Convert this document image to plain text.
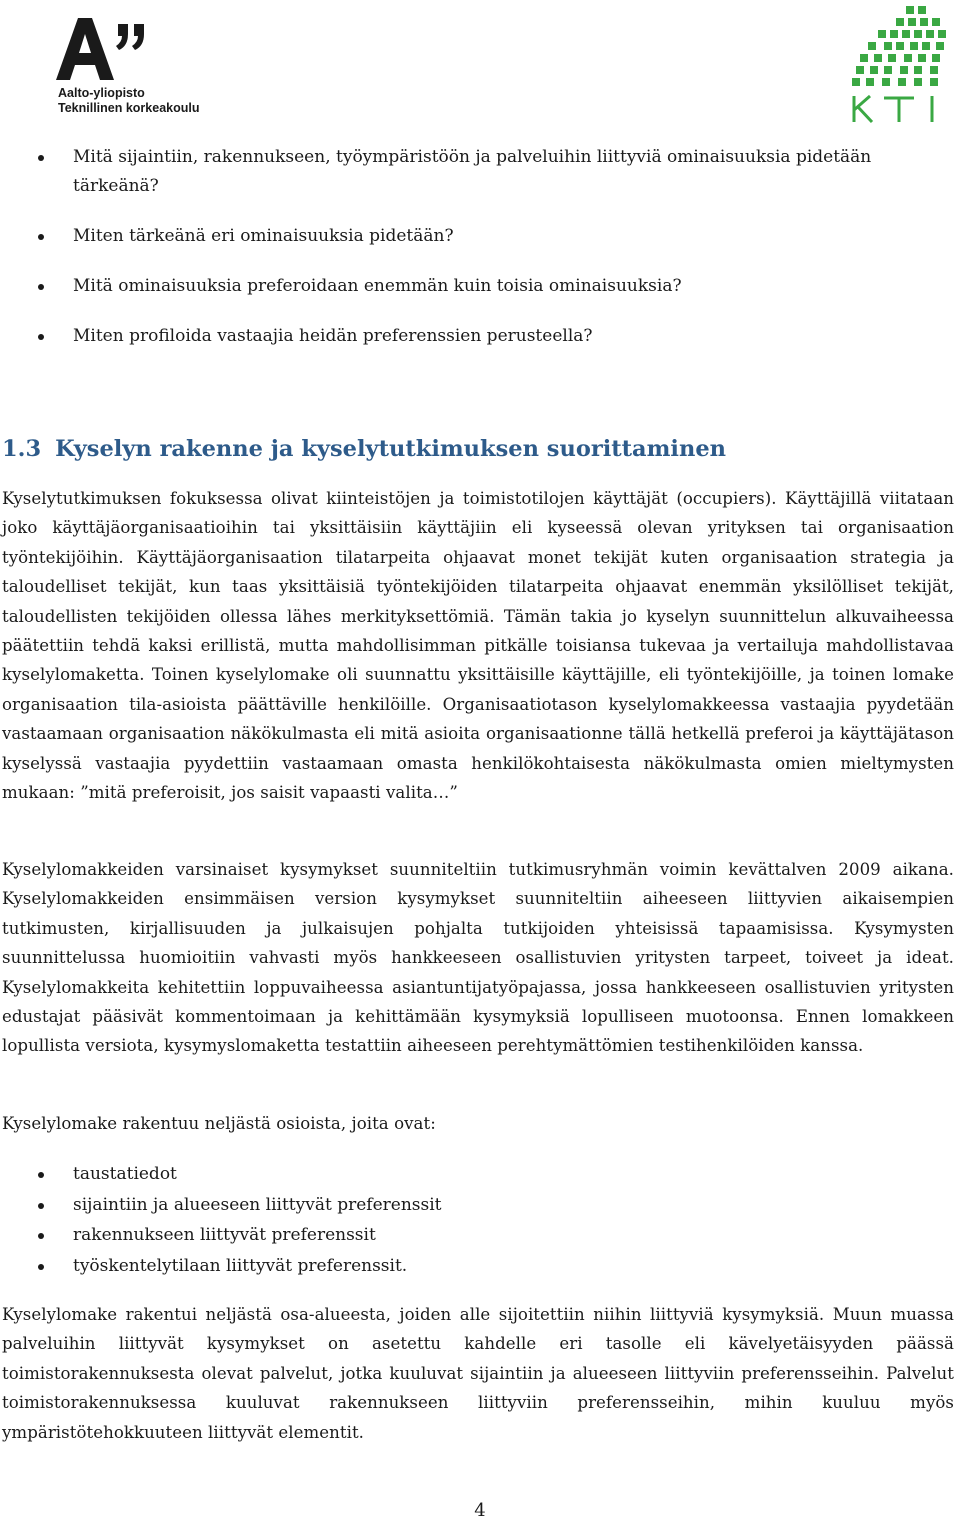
Aalto-yliopisto
Teknillinen korkeakoulu
Mitä sijaintiin, rakennukseen, työympäristöön ja palveluihin liittyviä ominaisuuksia pidetään tärkeänä?
Miten tärkeänä eri ominaisuuksia pidetään?
Mitä ominaisuuksia preferoidaan enemmän kuin toisia ominaisuuksia?
Miten profiloida vastaajia heidän preferenssien perusteella?
1.3 Kyselyn rakenne ja kyselytutkimuksen suorittaminen

Kyselytutkimuksen fokuksessa olivat kiinteistöjen ja toimistotilojen käyttäjät (occupiers). Käyttäjillä viitataan joko käyttäjäorganisaatioihin tai yksittäisiin käyttäjiin eli kyseessä olevan yrityksen tai organisaation työntekijöihin. Käyttäjäorganisaation tilatarpeita ohjaavat monet tekijät kuten organisaation strategia ja taloudelliset tekijät, kun taas yksittäisiä työntekijöiden tilatarpeita ohjaavat enemmän yksilölliset tekijät, taloudellisten tekijöiden ollessa lähes merkityksettömiä. Tämän takia jo kyselyn suunnittelun alkuvaiheessa päätettiin tehdä kaksi erillistä, mutta mahdollisimman pitkälle toisiansa tukevaa ja vertailuja mahdollistavaa kyselylomaketta. Toinen kyselylomake oli suunnattu yksittäisille käyttäjille, eli työntekijöille, ja toinen lomake organisaation tila-asioista päättäville henkilöille. Organisaatiotason kyselylomakkeessa vastaajia pyydetään vastaamaan organisaation näkökulmasta eli mitä asioita organisaationne tällä hetkellä preferoi ja käyttäjätason kyselyssä vastaajia pyydettiin vastaamaan omasta henkilökohtaisesta näkökulmasta omien mieltymysten mukaan: ”mitä preferoisit, jos saisit vapaasti valita…”

Kyselylomakkeiden varsinaiset kysymykset suunniteltiin tutkimusryhmän voimin kevättalven 2009 aikana. Kyselylomakkeiden ensimmäisen version kysymykset suunniteltiin aiheeseen liittyvien aikaisempien tutkimusten, kirjallisuuden ja julkaisujen pohjalta tutkijoiden yhteisissä tapaamisissa. Kysymysten suunnittelussa huomioitiin vahvasti myös hankkeeseen osallistuvien yritysten tarpeet, toiveet ja ideat. Kyselylomakkeita kehitettiin loppuvaiheessa asiantuntijatyöpajassa, jossa hankkeeseen osallistuvien yritysten edustajat pääsivät kommentoimaan ja kehittämään kysymyksiä lopulliseen muotoonsa. Ennen lomakkeen lopullista versiota, kysymyslomaketta testattiin aiheeseen perehtymättömien testihenkilöiden kanssa.

Kyselylomake rakentuu neljästä osioista, joita ovat:

taustatiedot
sijaintiin ja alueeseen liittyvät preferenssit
rakennukseen liittyvät preferenssit
työskentelytilaan liittyvät preferenssit.

Kyselylomake rakentui neljästä osa-alueesta, joiden alle sijoitettiin niihin liittyviä kysymyksiä. Muun muassa palveluihin liittyvät kysymykset on asetettu kahdelle eri tasolle eli kävelyetäisyyden päässä toimistorakennuksesta olevat palvelut, jotka kuuluvat sijaintiin ja alueeseen liittyviin preferensseihin. Palvelut toimistorakennuksessa kuuluvat rakennukseen liittyviin preferensseihin, mihin kuuluu myös ympäristötehokkuuteen liittyvät elementit.

4
